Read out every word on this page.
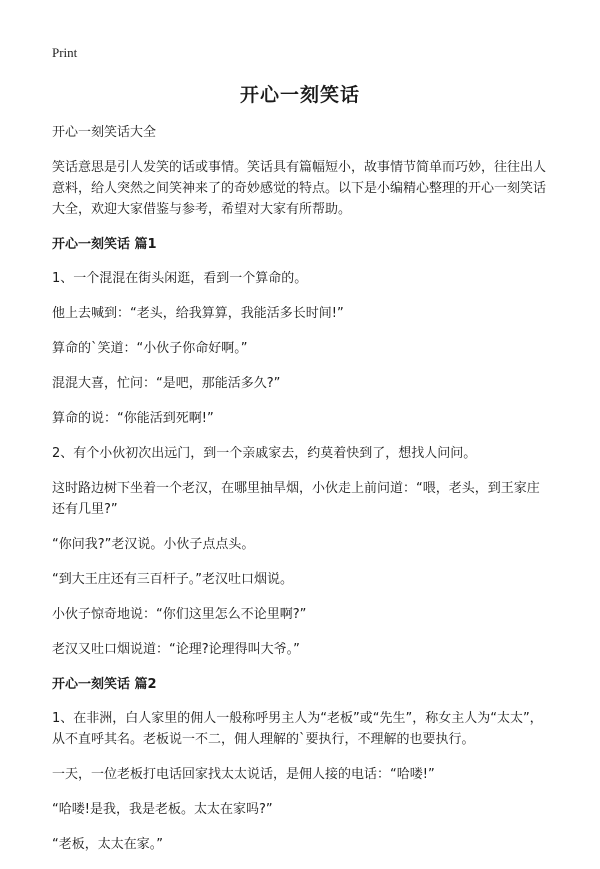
Print
开心一刻笑话

开心一刻笑话大全

笑话意思是引人发笑的话或事情。笑话具有篇幅短小，故事情节简单而巧妙，往往出人意料，给人突然之间笑神来了的奇妙感觉的特点。以下是小编精心整理的开心一刻笑话大全，欢迎大家借鉴与参考，希望对大家有所帮助。

开心一刻笑话 篇1

1、一个混混在街头闲逛，看到一个算命的。

他上去喊到：“老头，给我算算，我能活多长时间!”

算命的`笑道：“小伙子你命好啊。”

混混大喜，忙问：“是吧，那能活多久?”

算命的说：“你能活到死啊!”

2、有个小伙初次出远门，到一个亲戚家去，约莫着快到了，想找人问问。

这时路边树下坐着一个老汉，在哪里抽旱烟，小伙走上前问道：“喂，老头，到王家庄还有几里?”

“你问我?”老汉说。小伙子点点头。

“到大王庄还有三百杆子。”老汉吐口烟说。

小伙子惊奇地说：“你们这里怎么不论里啊?”

老汉又吐口烟说道：“论理?论理得叫大爷。”

开心一刻笑话 篇2

1、在非洲，白人家里的佣人一般称呼男主人为“老板”或“先生”，称女主人为“太太”，从不直呼其名。老板说一不二，佣人理解的`要执行，不理解的也要执行。

一天，一位老板打电话回家找太太说话，是佣人接的电话：“哈喽!”

“哈喽!是我，我是老板。太太在家吗?”

“老板，太太在家。”
